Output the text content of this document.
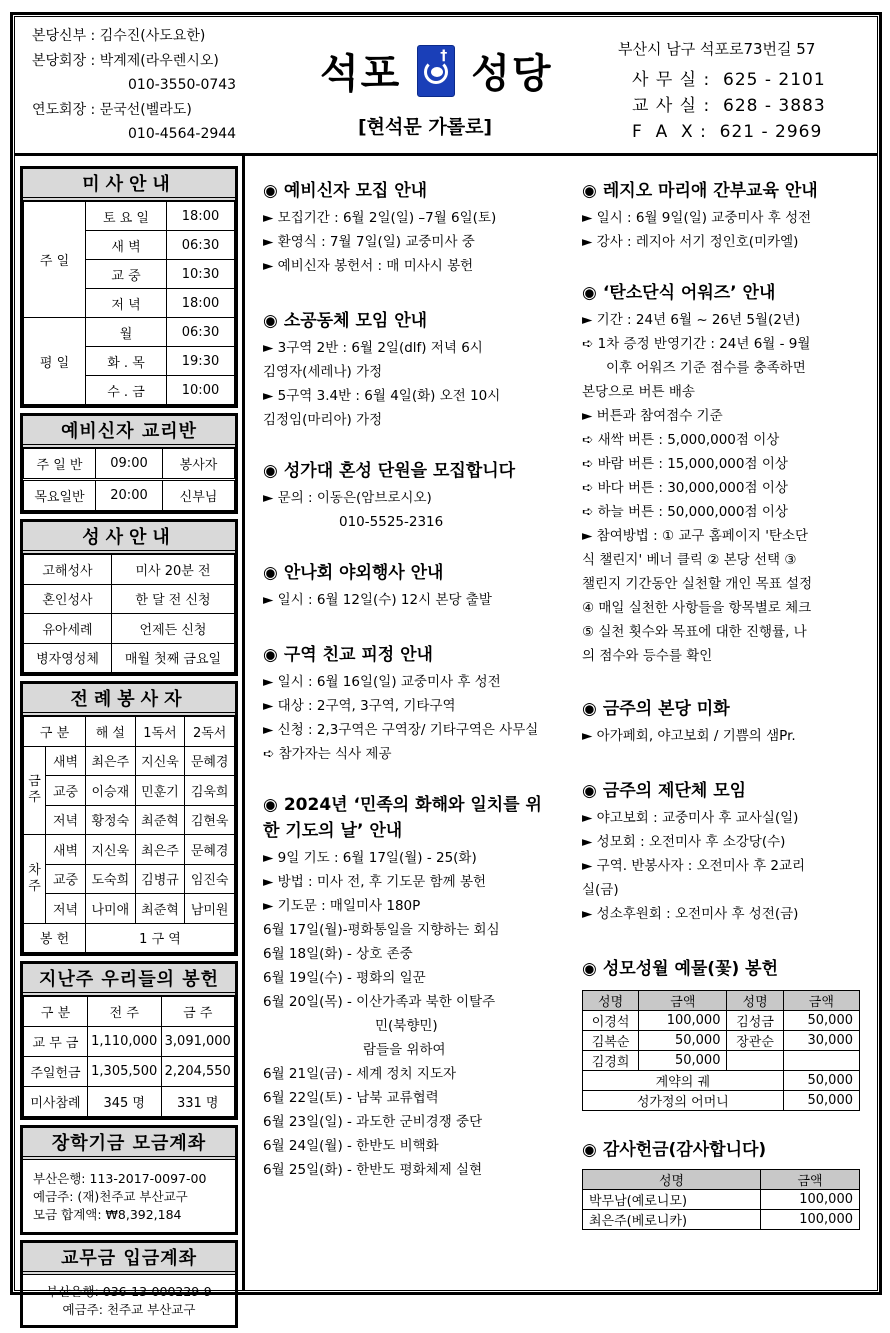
본당신부 : 김수진(사도요한)
본당회장 : 박계제(라우렌시오)
010-3550-0743
연도회장 : 문국선(벨라도)
010-4564-2944
석포	† 성당
[현석문 가롤로]
부산시 남구 석포로73번길 57
사 무 실 : 625 - 2101
교 사 실 : 628 - 3883
F  A  X : 621 - 2969
미사안내
주 일	토 요 일	18:00
	새 벽	06:30
	교 중	10:30
	저 녁	18:00
평 일	월	06:30
	화 . 목	19:30
	수 . 금	10:00
예비신자 교리반
주 일 반	09:00	봉사자
목요일반	20:00	신부님
성사안내
고해성사	미사 20분 전
혼인성사	한 달 전 신청
유아세례	언제든 신청
병자영성체	매월 첫째 금요일
전례봉사자
구 분		해 설	1독서	2독서
금주	새벽	최은주	지신욱	문혜경
	교중	이승재	민훈기	김욱희
	저녁	황정숙	최준혁	김현욱
차주	새벽	지신욱	최은주	문혜경
	교중	도숙희	김병규	임진숙
	저녁	나미애	최준혁	남미원
봉 헌		1 구 역		
지난주 우리들의 봉헌
구 분	전 주	금 주
교 무 금	1,110,000	3,091,000
주일헌금	1,305,500	2,204,550
미사참례	345 명	331 명
장학기금 모금계좌
부산은행: 113-2017-0097-00
예금주: (재)천주교 부산교구
모금 합계액: ₩8,392,184
교무금 입금계좌
부산은행: 036-13-000229-9
예금주: 천주교 부산교구
◉ 예비신자 모집 안내
► 모집기간 : 6월 2일(일) –7월 6일(토)
► 환영식 : 7월 7일(일) 교중미사 중
► 예비신자 봉헌서 : 매 미사시 봉헌
◉ 소공동체 모임 안내
► 3구역 2반 : 6월 2일(dlf) 저녁 6시
김영자(세레나) 가정
► 5구역 3.4반 : 6월 4일(화) 오전 10시
김정임(마리아) 가정
◉ 성가대 혼성 단원을 모집합니다
► 문의 : 이동은(암브로시오)
010-5525-2316
◉ 안나회 야외행사 안내
► 일시 : 6월 12일(수) 12시 본당 출발
◉ 구역 친교 피정 안내
► 일시 : 6월 16일(일) 교중미사 후 성전
► 대상 : 2구역, 3구역, 기타구역
► 신청 : 2,3구역은 구역장/ 기타구역은 사무실
➪ 참가자는 식사 제공
◉ 2024년 ‘민족의 화해와 일치를 위한 기도의 날’ 안내
► 9일 기도 : 6월 17일(월) - 25(화)
► 방법 : 미사 전, 후 기도문 함께 봉헌
► 기도문 : 매일미사 180P
6월 17일(월)-평화통일을 지향하는 회심
6월 18일(화) - 상호 존중
6월 19일(수) - 평화의 일꾼
6월 20일(목) - 이산가족과 북한 이탈주
민(북향민)
람들을 위하여
6월 21일(금) - 세계 정치 지도자
6월 22일(토) - 남북 교류협력
6월 23일(일) - 과도한 군비경쟁 중단
6월 24일(월) - 한반도 비핵화
6월 25일(화) - 한반도 평화체제 실현
◉ 레지오 마리애 간부교육 안내
► 일시 : 6월 9일(일) 교중미사 후 성전
► 강사 : 레지아 서기 정인호(미카엘)
◉ ‘탄소단식 어워즈’ 안내
► 기간 : 24년 6월 ~ 26년 5월(2년)
➪ 1차 증정 반영기간 : 24년 6월 - 9월
이후 어워즈 기준 점수를 충족하면
본당으로 버튼 배송
► 버튼과 참여점수 기준
➪ 새싹 버튼 : 5,000,000점 이상
➪ 바람 버튼 : 15,000,000점 이상
➪ 바다 버튼 : 30,000,000점 이상
➪ 하늘 버튼 : 50,000,000점 이상
► 참여방법 : ① 교구 홈페이지 '탄소단
식 챌린지' 베너 클릭 ② 본당 선택 ③
챌린지 기간동안 실천할 개인 목표 설정
④ 매일 실천한 사항들을 항목별로 체크
⑤ 실천 횟수와 목표에 대한 진행률, 나
의 점수와 등수를 확인
◉ 금주의 본당 미화
► 아가페회, 야고보회 / 기쁨의 샘Pr.
◉ 금주의 제단체 모임
► 야고보회 : 교중미사 후 교사실(일)
► 성모회 : 오전미사 후 소강당(수)
► 구역. 반봉사자 : 오전미사 후 2교리
실(금)
► 성소후원회 : 오전미사 후 성전(금)
◉ 성모성월 예물(꽃) 봉헌
성명	금액	성명	금액
이경석	100,000	김성금	50,000
김복순	50,000	장관순	30,000
김경희	50,000		
계약의 궤			50,000
성가정의 어머니			50,000
◉ 감사헌금(감사합니다)
성명	금액
박무남(예로니모)	100,000
최은주(베로니카)	100,000
